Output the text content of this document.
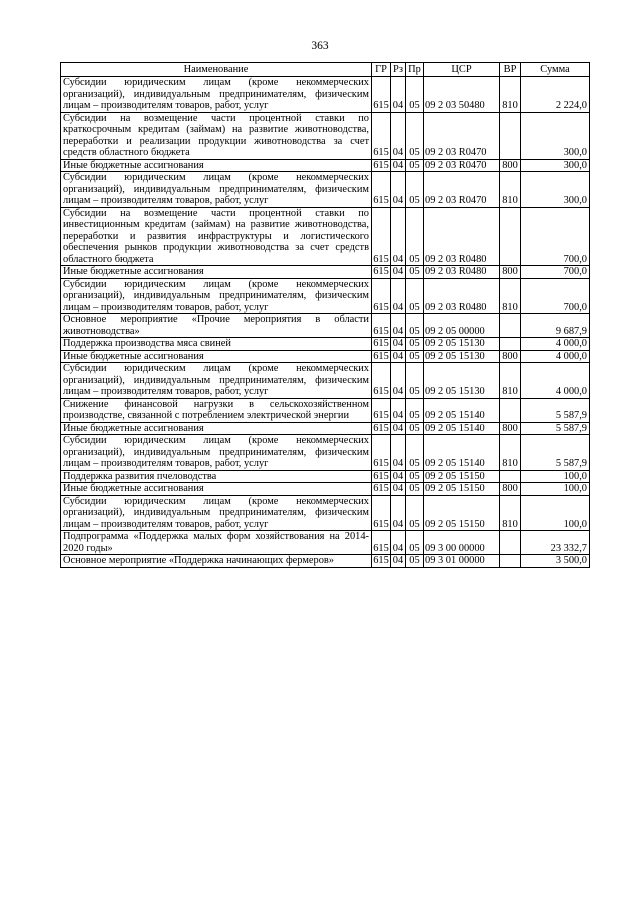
363
Наименование	ГР	Рз	Пр	ЦСР	ВР	Сумма
Субсидии юридическим лицам (кроме некоммерческих организаций), индивидуальным предпринимателям, физическим лицам – производителям товаров, работ, услуг	615	04	05	09 2 03 50480	810	2 224,0
Субсидии на возмещение части процентной ставки по краткосрочным кредитам (займам) на развитие животноводства, переработки и реализации продукции животноводства за счет средств областного бюджета	615	04	05	09 2 03 R0470		300,0
Иные бюджетные ассигнования	615	04	05	09 2 03 R0470	800	300,0
Субсидии юридическим лицам (кроме некоммерческих организаций), индивидуальным предпринимателям, физическим лицам – производителям товаров, работ, услуг	615	04	05	09 2 03 R0470	810	300,0
Субсидии на возмещение части процентной ставки по инвестиционным кредитам (займам) на развитие животноводства, переработки и развития инфраструктуры и логистического обеспечения рынков продукции животноводства за счет средств областного бюджета	615	04	05	09 2 03 R0480		700,0
Иные бюджетные ассигнования	615	04	05	09 2 03 R0480	800	700,0
Субсидии юридическим лицам (кроме некоммерческих организаций), индивидуальным предпринимателям, физическим лицам – производителям товаров, работ, услуг	615	04	05	09 2 03 R0480	810	700,0
Основное мероприятие «Прочие мероприятия в области животноводства»	615	04	05	09 2 05 00000		9 687,9
Поддержка производства мяса свиней	615	04	05	09 2 05 15130		4 000,0
Иные бюджетные ассигнования	615	04	05	09 2 05 15130	800	4 000,0
Субсидии юридическим лицам (кроме некоммерческих организаций), индивидуальным предпринимателям, физическим лицам – производителям товаров, работ, услуг	615	04	05	09 2 05 15130	810	4 000,0
Снижение финансовой нагрузки в сельскохозяйственном производстве, связанной с потреблением электрической энергии	615	04	05	09 2 05 15140		5 587,9
Иные бюджетные ассигнования	615	04	05	09 2 05 15140	800	5 587,9
Субсидии юридическим лицам (кроме некоммерческих организаций), индивидуальным предпринимателям, физическим лицам – производителям товаров, работ, услуг	615	04	05	09 2 05 15140	810	5 587,9
Поддержка развития пчеловодства	615	04	05	09 2 05 15150		100,0
Иные бюджетные ассигнования	615	04	05	09 2 05 15150	800	100,0
Субсидии юридическим лицам (кроме некоммерческих организаций), индивидуальным предпринимателям, физическим лицам – производителям товаров, работ, услуг	615	04	05	09 2 05 15150	810	100,0
Подпрограмма «Поддержка малых форм хозяйствования на 2014-2020 годы»	615	04	05	09 3 00 00000		23 332,7
Основное мероприятие «Поддержка начинающих фермеров»	615	04	05	09 3 01 00000		3 500,0
